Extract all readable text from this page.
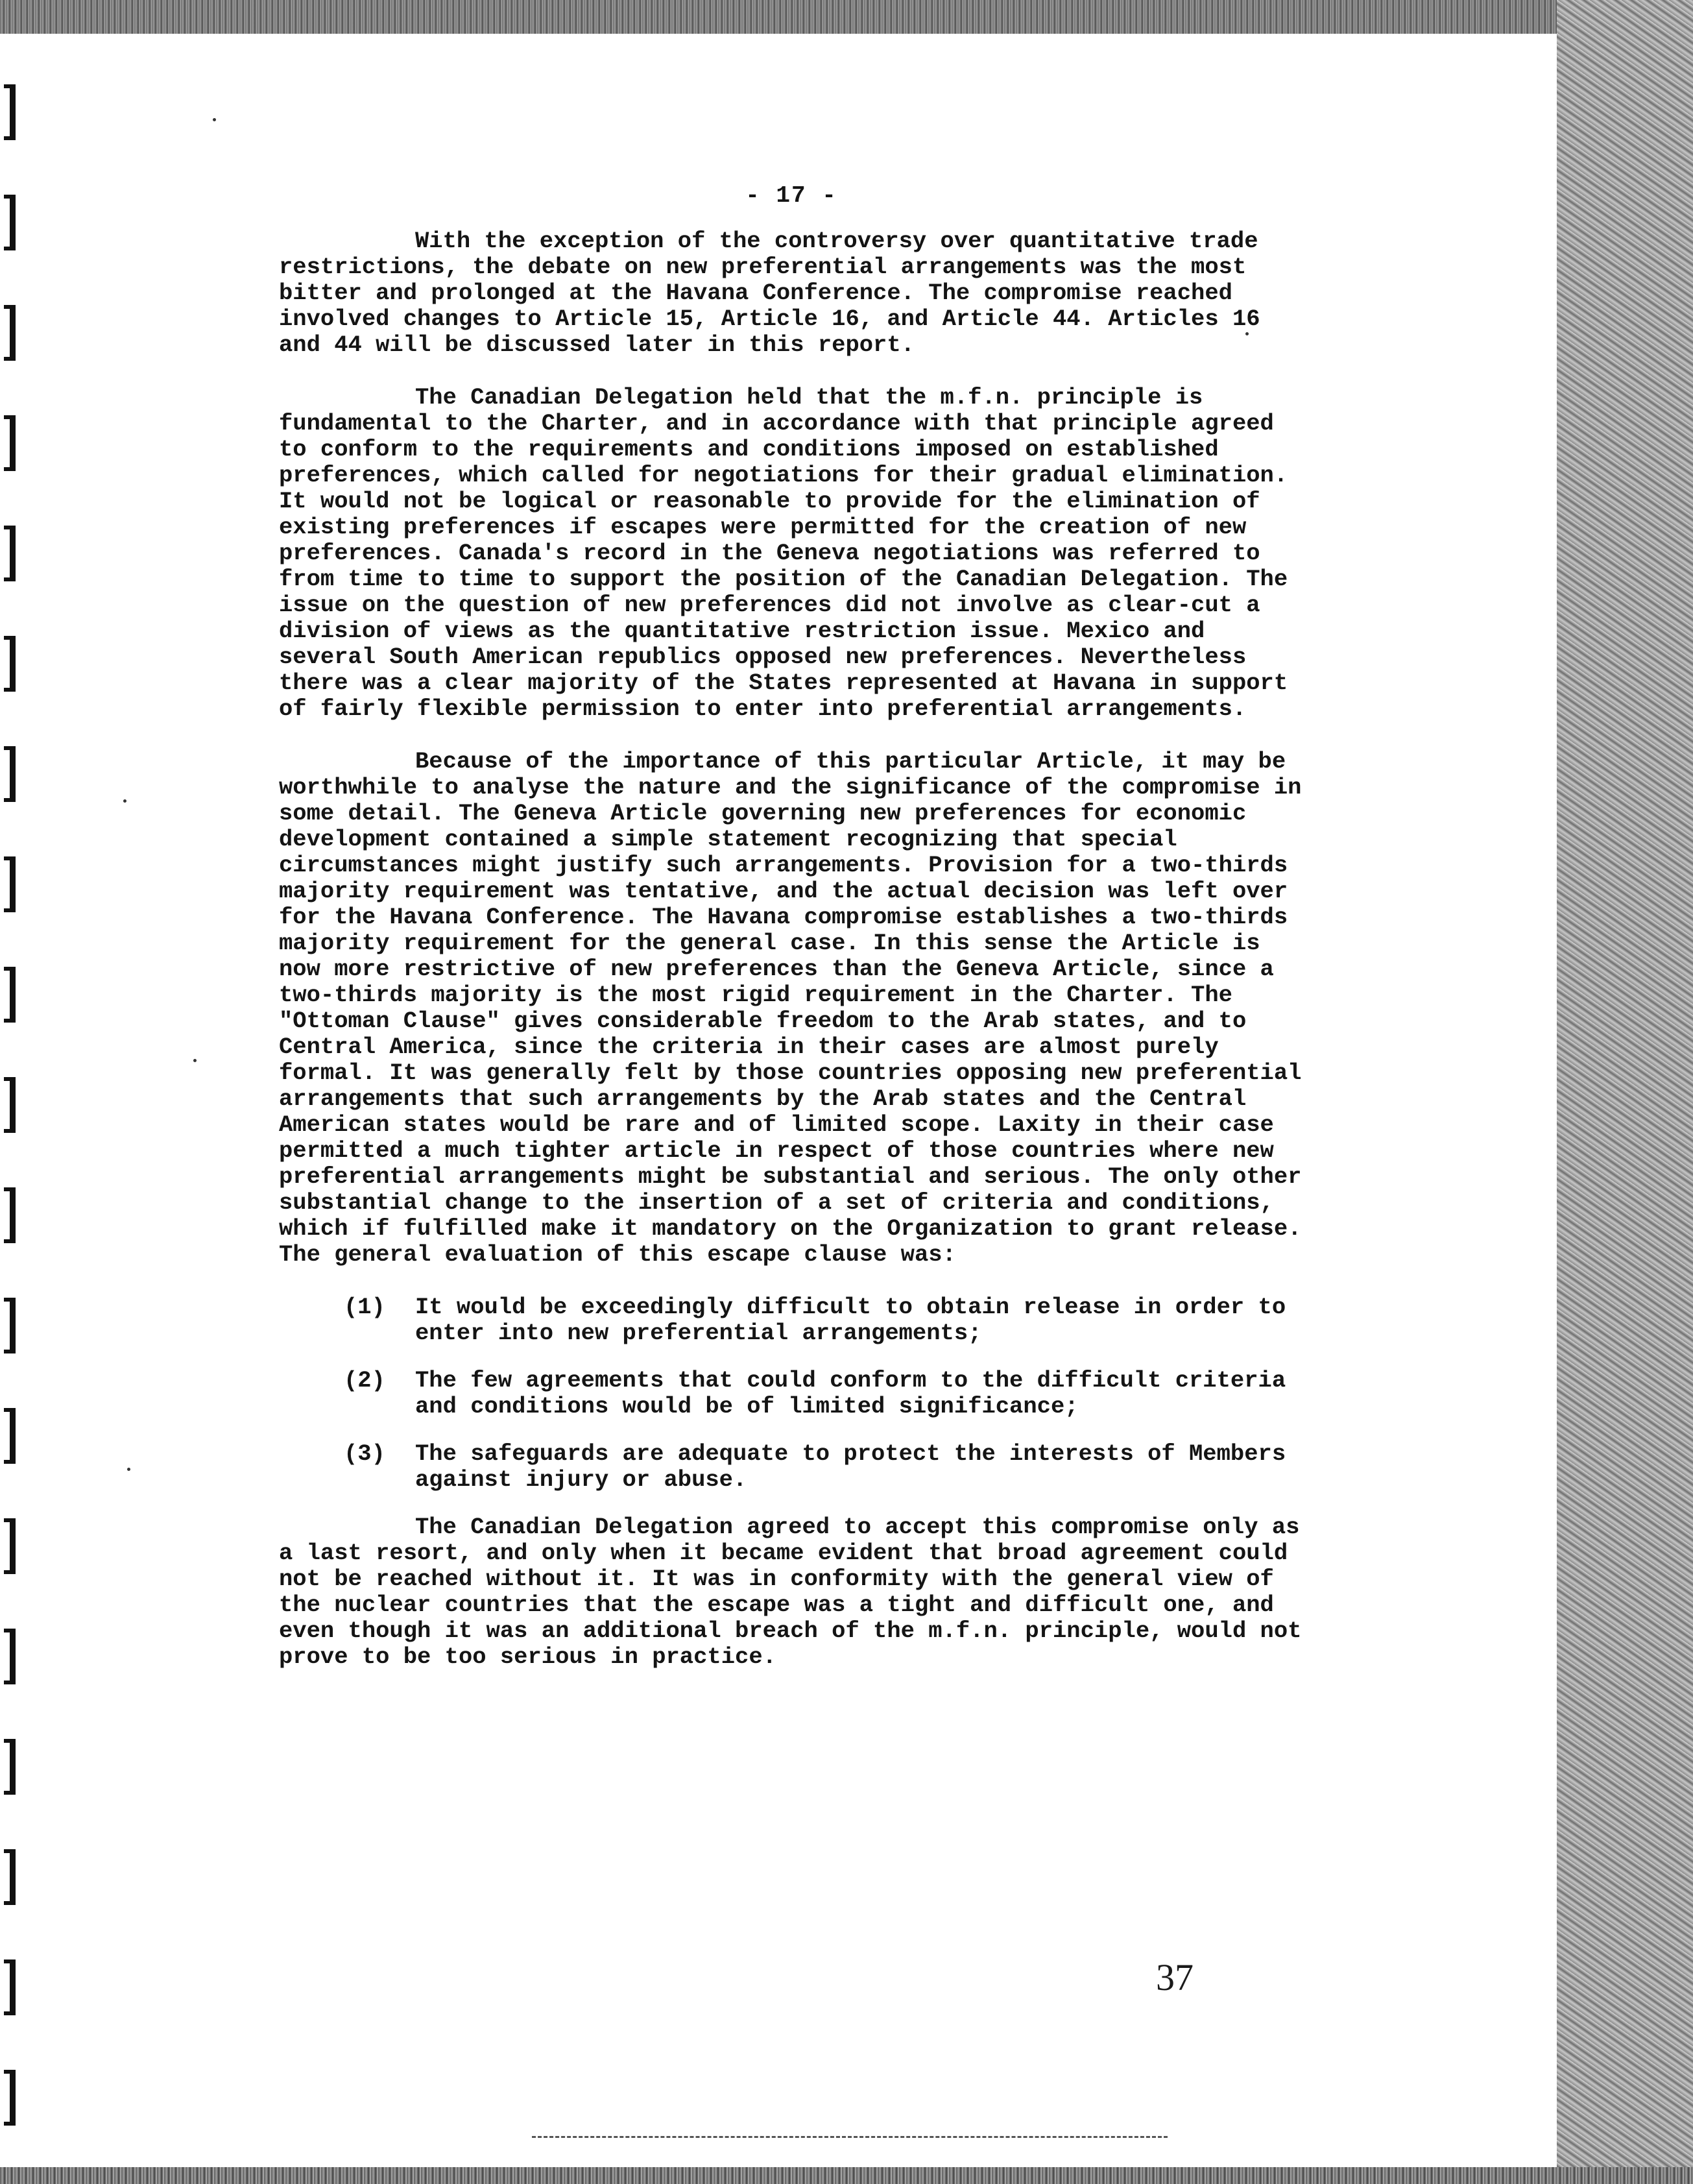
- 17 -

With the exception of the controversy over quantitative trade restrictions, the debate on new preferential arrangements was the most bitter and prolonged at the Havana Conference. The compromise reached involved changes to Article 15, Article 16, and Article 44. Articles 16 and 44 will be discussed later in this report.

The Canadian Delegation held that the m.f.n. principle is fundamental to the Charter, and in accordance with that principle agreed to conform to the requirements and conditions imposed on established preferences, which called for negotiations for their gradual elimination. It would not be logical or reasonable to provide for the elimination of existing preferences if escapes were permitted for the creation of new preferences. Canada's record in the Geneva negotiations was referred to from time to time to support the position of the Canadian Delegation. The issue on the question of new preferences did not involve as clear-cut a division of views as the quantitative restriction issue. Mexico and several South American republics opposed new preferences. Nevertheless there was a clear majority of the States represented at Havana in support of fairly flexible permission to enter into preferential arrangements.

Because of the importance of this particular Article, it may be worthwhile to analyse the nature and the significance of the compromise in some detail. The Geneva Article governing new preferences for economic development contained a simple statement recognizing that special circumstances might justify such arrangements. Provision for a two-thirds majority requirement was tentative, and the actual decision was left over for the Havana Conference. The Havana compromise establishes a two-thirds majority requirement for the general case. In this sense the Article is now more restrictive of new preferences than the Geneva Article, since a two-thirds majority is the most rigid requirement in the Charter. The "Ottoman Clause" gives considerable freedom to the Arab states, and to Central America, since the criteria in their cases are almost purely formal. It was generally felt by those countries opposing new preferential arrangements that such arrangements by the Arab states and the Central American states would be rare and of limited scope. Laxity in their case permitted a much tighter article in respect of those countries where new preferential arrangements might be substantial and serious. The only other substantial change to the insertion of a set of criteria and conditions, which if fulfilled make it mandatory on the Organization to grant release. The general evaluation of this escape clause was:

(1)	It would be exceedingly difficult to obtain release in order to enter into new preferential arrangements;
(2)	The few agreements that could conform to the difficult criteria and conditions would be of limited significance;
(3)	The safeguards are adequate to protect the interests of Members against injury or abuse.

The Canadian Delegation agreed to accept this compromise only as a last resort, and only when it became evident that broad agreement could not be reached without it. It was in conformity with the general view of the nuclear countries that the escape was a tight and difficult one, and even though it was an additional breach of the m.f.n. principle, would not prove to be too serious in practice.

37
